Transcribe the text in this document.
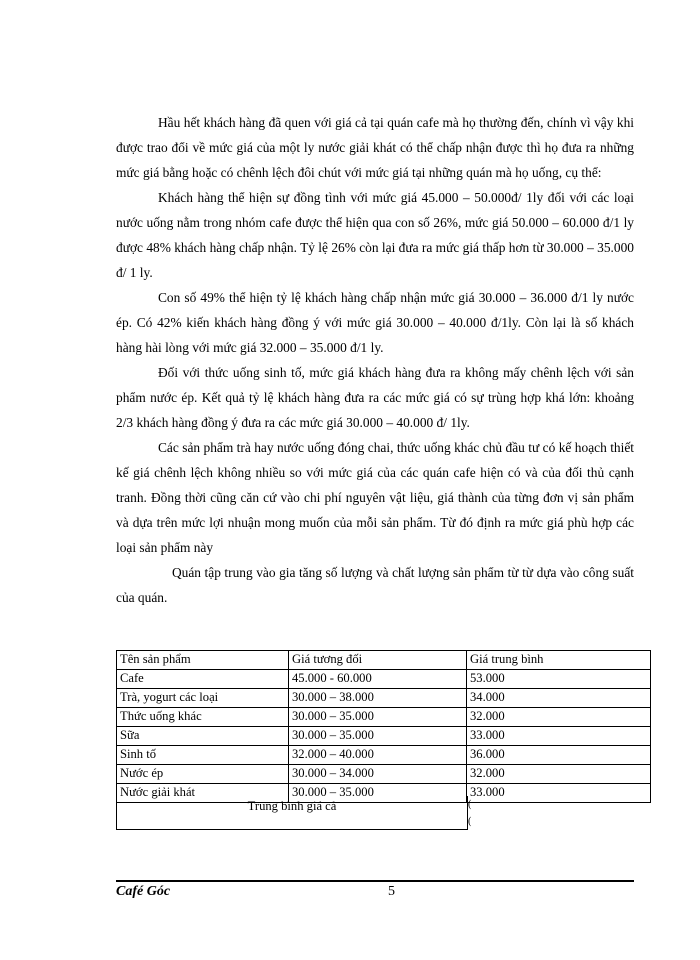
Hầu hết khách hàng đã quen với giá cả tại quán cafe mà họ thường đến, chính vì vậy khi được trao đổi về mức giá của một ly nước giải khát có thể chấp nhận được thì họ đưa ra những mức giá bằng hoặc có chênh lệch đôi chút với mức giá tại những quán mà họ uống, cụ thể:

Khách hàng thể hiện sự đồng tình với mức giá 45.000 – 50.000đ/ 1ly đối với các loại nước uống nằm trong nhóm cafe được thể hiện qua con số 26%, mức giá 50.000 – 60.000 đ/1 ly được 48% khách hàng chấp nhận. Tỷ lệ 26% còn lại đưa ra mức giá thấp hơn từ 30.000 – 35.000 đ/ 1 ly.

Con số 49% thể hiện tỷ lệ khách hàng chấp nhận mức giá 30.000 – 36.000 đ/1 ly nước ép. Có 42% kiến khách hàng đồng ý với mức giá 30.000 – 40.000 đ/1ly. Còn lại là số khách hàng hài lòng với mức giá 32.000 – 35.000 đ/1 ly.

Đối với thức uống sinh tố, mức giá khách hàng đưa ra không mấy chênh lệch với sản phẩm nước ép. Kết quả tỷ lệ khách hàng đưa ra các mức giá có sự trùng hợp khá lớn: khoảng 2/3 khách hàng đồng ý đưa ra các mức giá 30.000 – 40.000 đ/ 1ly.

Các sản phẩm trà hay nước uống đóng chai, thức uống khác chủ đầu tư có kế hoạch thiết kế giá chênh lệch không nhiều so với mức giá của các quán cafe hiện có và của đối thủ cạnh tranh. Đồng thời cũng căn cứ vào chi phí nguyên vật liệu, giá thành của từng đơn vị sản phẩm và dựa trên mức lợi nhuận mong muốn của mỗi sản phẩm. Từ đó định ra mức giá phù hợp các loại sản phẩm này

Quán tập trung vào gia tăng số lượng và chất lượng sản phẩm từ từ dựa vào công suất của quán.

Tên sản phẩm	Giá tương đối	Giá trung bình
Cafe	45.000 - 60.000	53.000
Trà, yogurt các loại	30.000 – 38.000	34.000
Thức uống khác	30.000 – 35.000	32.000
Sữa	30.000 – 35.000	33.000
Sinh tố	32.000 – 40.000	36.000
Nước ép	30.000 – 34.000	32.000
Nước giải khát	30.000 – 35.000	33.000
Trung bình giá cả	(
(
Café Góc	5
